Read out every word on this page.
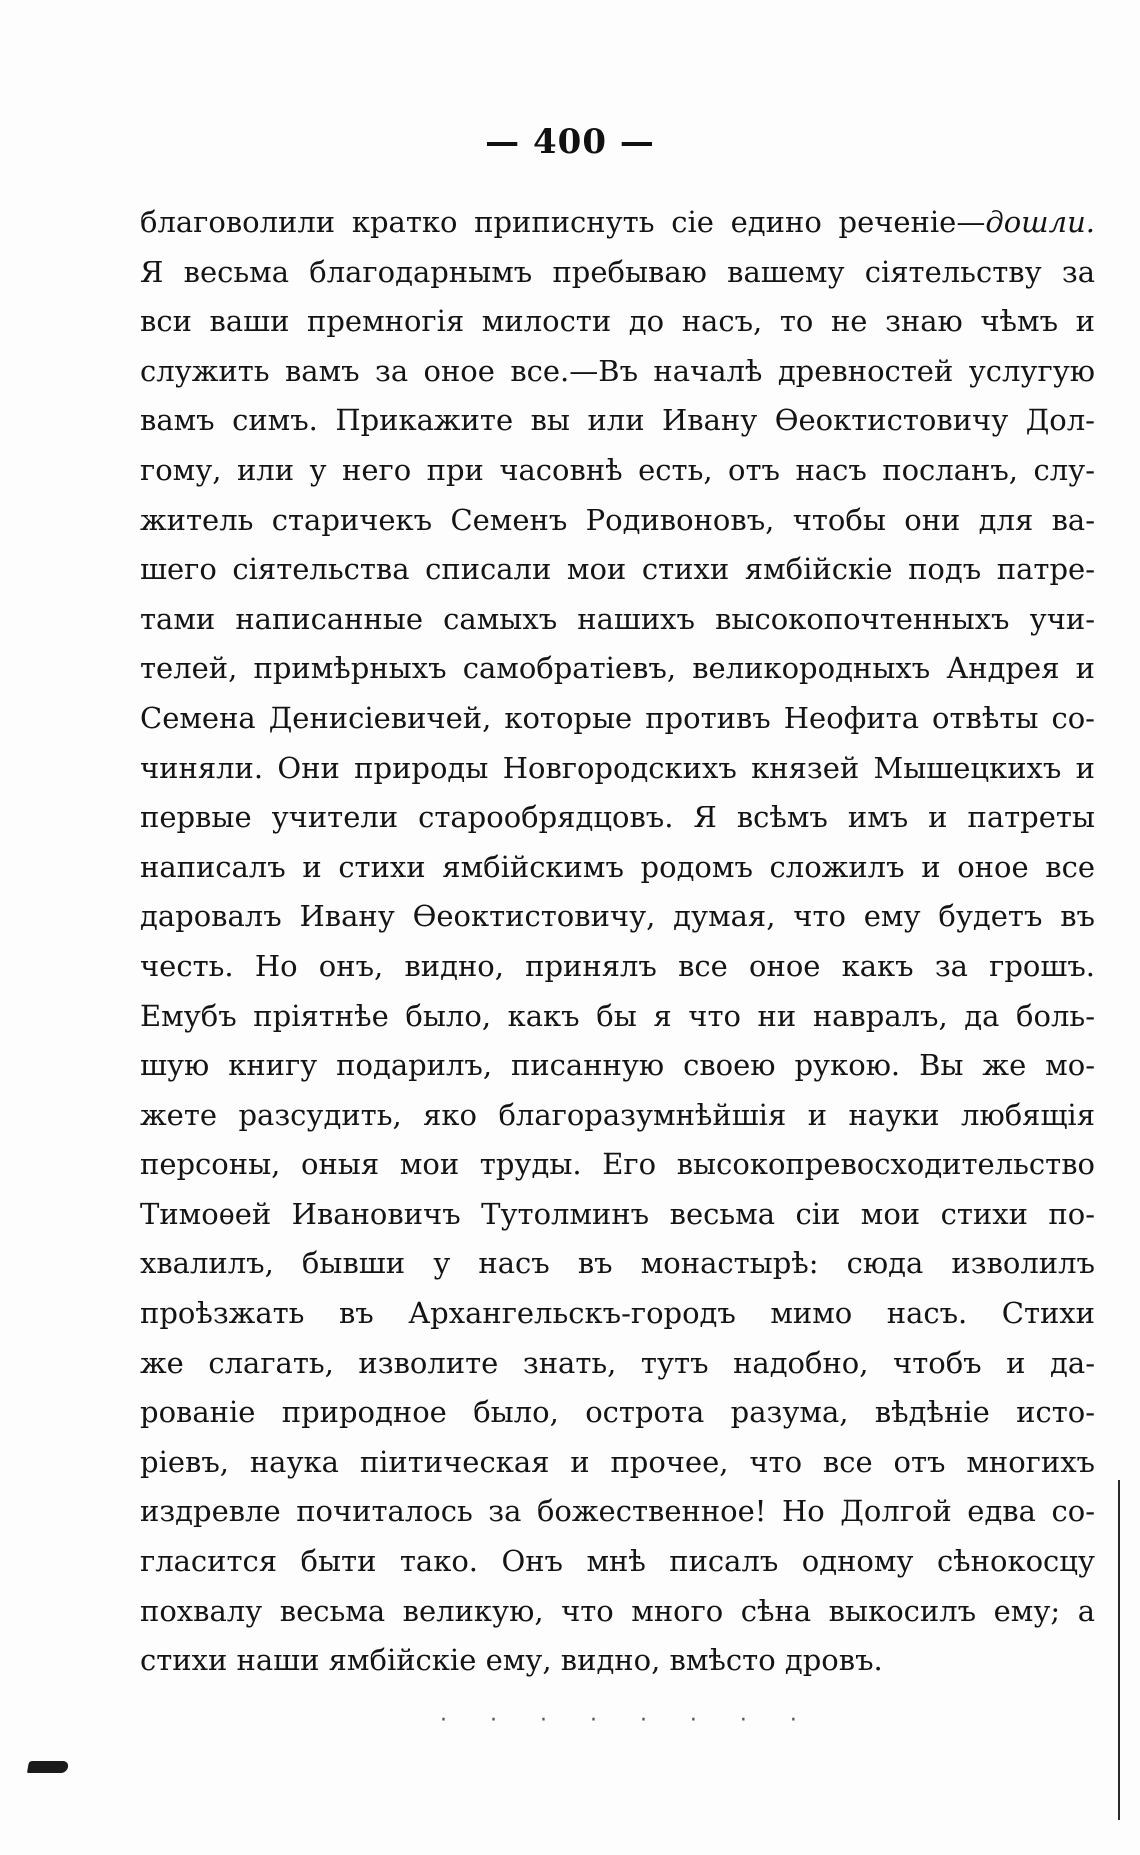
— 400 —
благоволили кратко приписнуть сіе едино реченіе—дошли.
Я весьма благодарнымъ пребываю вашему сіятельству за
вси ваши премногія милости до насъ, то не знаю чѣмъ и
служить вамъ за оное все.—Въ началѣ древностей услугую
вамъ симъ. Прикажите вы или Ивану Ѳеоктистовичу Дол-
гому, или у него при часовнѣ есть, отъ насъ посланъ, слу-
житель старичекъ Семенъ Родивоновъ, чтобы они для ва-
шего сіятельства списали мои стихи ямбійскіе подъ патре-
тами написанные самыхъ нашихъ высокопочтенныхъ учи-
телей, примѣрныхъ самобратіевъ, великородныхъ Андрея и
Семена Денисіевичей, которые противъ Неофита отвѣты со-
чиняли. Они природы Новгородскихъ князей Мышецкихъ и
первые учители старообрядцовъ. Я всѣмъ имъ и патреты
написалъ и стихи ямбійскимъ родомъ сложилъ и оное все
даровалъ Ивану Ѳеоктистовичу, думая, что ему будетъ въ
честь. Но онъ, видно, принялъ все оное какъ за грошъ.
Емубъ пріятнѣе было, какъ бы я что ни навралъ, да боль-
шую книгу подарилъ, писанную своею рукою. Вы же мо-
жете разсудить, яко благоразумнѣйшія и науки любящія
персоны, оныя мои труды. Его высокопревосходительство
Тимоѳей Ивановичъ Тутолминъ весьма сіи мои стихи по-
хвалилъ, бывши у насъ въ монастырѣ: сюда изволилъ
проѣзжать въ Архангельскъ-городъ мимо насъ. Стихи
же слагать, изволите знать, тутъ надобно, чтобъ и да-
рованіе природное было, острота разума, вѣдѣніе исто-
ріевъ, наука піитическая и прочее, что все отъ многихъ
издревле почиталось за божественное! Но Долгой едва со-
гласится быти тако. Онъ мнѣ писалъ одному сѣнокосцу
похвалу весьма великую, что много сѣна выкосилъ ему; а
стихи наши ямбійскіе ему, видно, вмѣсто дровъ.
· · · · · · · ·
